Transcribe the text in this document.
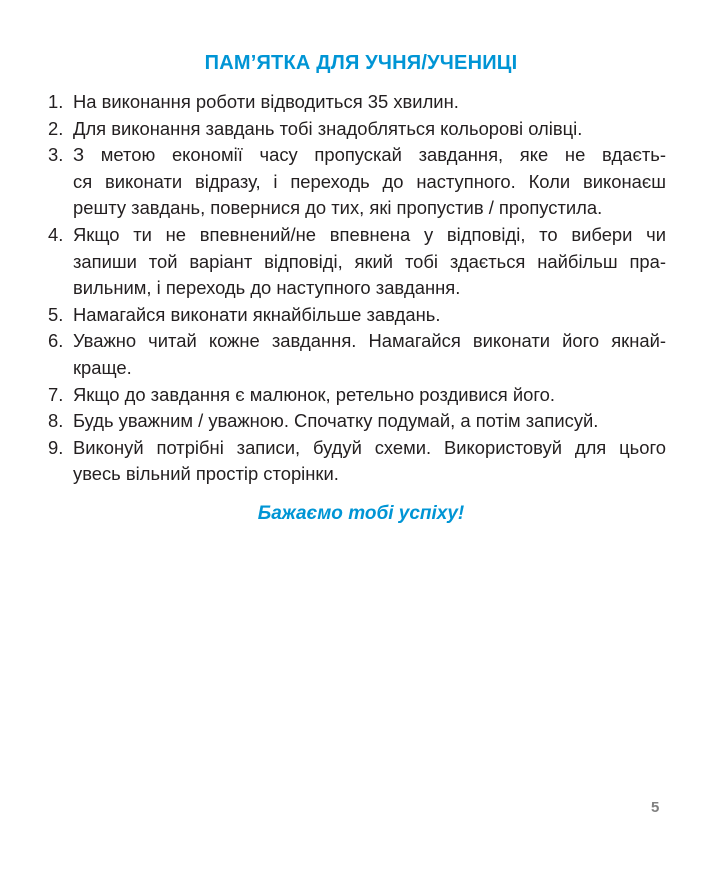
ПАМ’ЯТКА ДЛЯ УЧНЯ/УЧЕНИЦІ
1. На виконання роботи відводиться 35 хвилин.
2. Для виконання завдань тобі знадобляться кольорові олівці.
3. З метою економії часу пропускай завдання, яке не вдаєть-
ся виконати відразу, і переходь до наступного. Коли виконаєш
решту завдань, повернися до тих, які пропустив / пропустила.
4. Якщо ти не впевнений/не впевнена у відповіді, то вибери чи
запиши той варіант відповіді, який тобі здається найбільш пра-
вильним, і переходь до наступного завдання.
5. Намагайся виконати якнайбільше завдань.
6. Уважно читай кожне завдання. Намагайся виконати його якнай-
краще.
7. Якщо до завдання є малюнок, ретельно роздивися його.
8. Будь уважним / уважною. Спочатку подумай, а потім записуй.
9. Виконуй потрібні записи, будуй схеми. Використовуй для цього
увесь вільний простір сторінки.
Бажаємо тобі успіху!
5
